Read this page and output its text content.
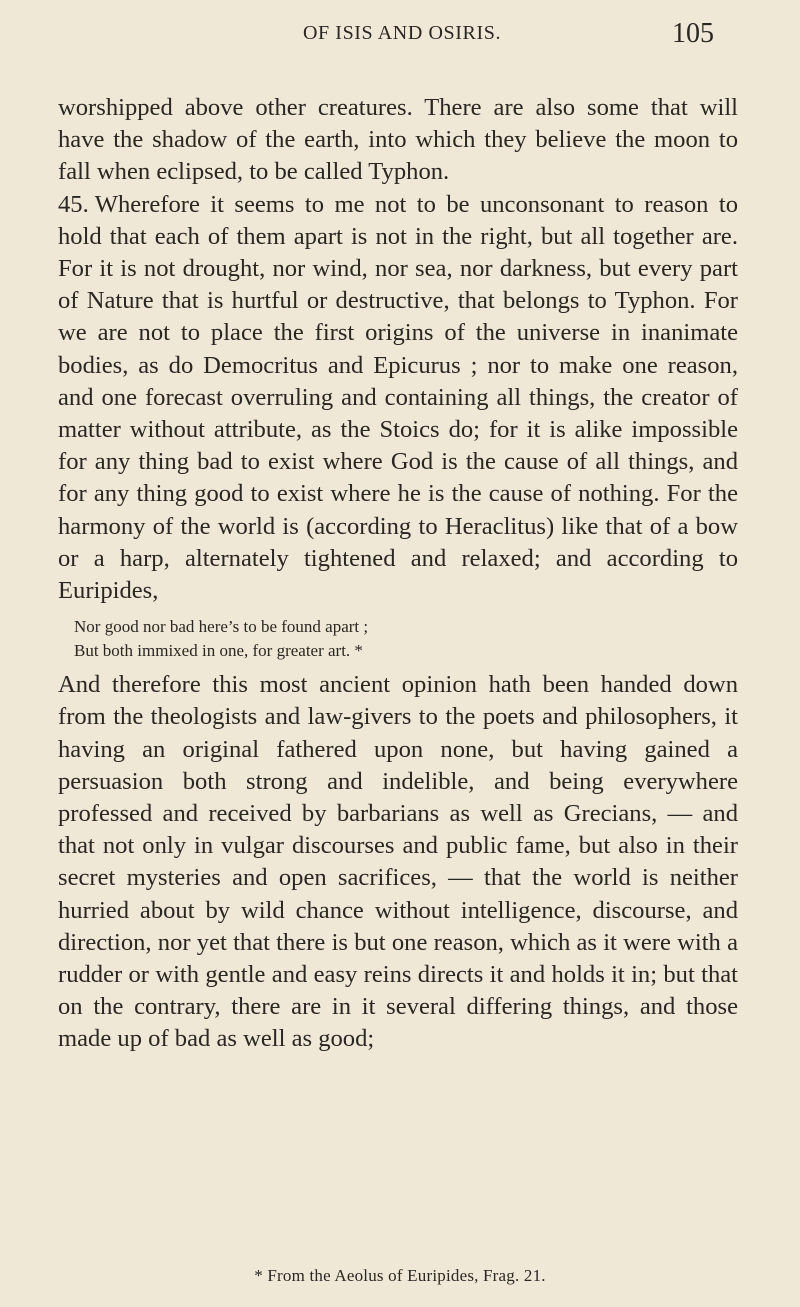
OF ISIS AND OSIRIS.	105

worshipped above other creatures. There are also some that will have the shadow of the earth, into which they believe the moon to fall when eclipsed, to be called Typhon.

45. Wherefore it seems to me not to be unconsonant to reason to hold that each of them apart is not in the right, but all together are. For it is not drought, nor wind, nor sea, nor darkness, but every part of Nature that is hurtful or destructive, that belongs to Typhon. For we are not to place the first origins of the universe in inanimate bodies, as do Democritus and Epicurus ; nor to make one reason, and one forecast overruling and containing all things, the creator of matter without attribute, as the Stoics do; for it is alike impossible for any thing bad to exist where God is the cause of all things, and for any thing good to exist where he is the cause of nothing. For the harmony of the world is (according to Heraclitus) like that of a bow or a harp, alternately tightened and relaxed; and according to Euripides,

Nor good nor bad here’s to be found apart ;
But both immixed in one, for greater art. *

And therefore this most ancient opinion hath been handed down from the theologists and law-givers to the poets and philosophers, it having an original fathered upon none, but having gained a persuasion both strong and indelible, and being everywhere professed and received by barbarians as well as Grecians, — and that not only in vulgar discourses and public fame, but also in their secret mysteries and open sacrifices, — that the world is neither hurried about by wild chance without intelligence, discourse, and direction, nor yet that there is but one reason, which as it were with a rudder or with gentle and easy reins directs it and holds it in; but that on the contrary, there are in it several differing things, and those made up of bad as well as good;

* From the Aeolus of Euripides, Frag. 21.
